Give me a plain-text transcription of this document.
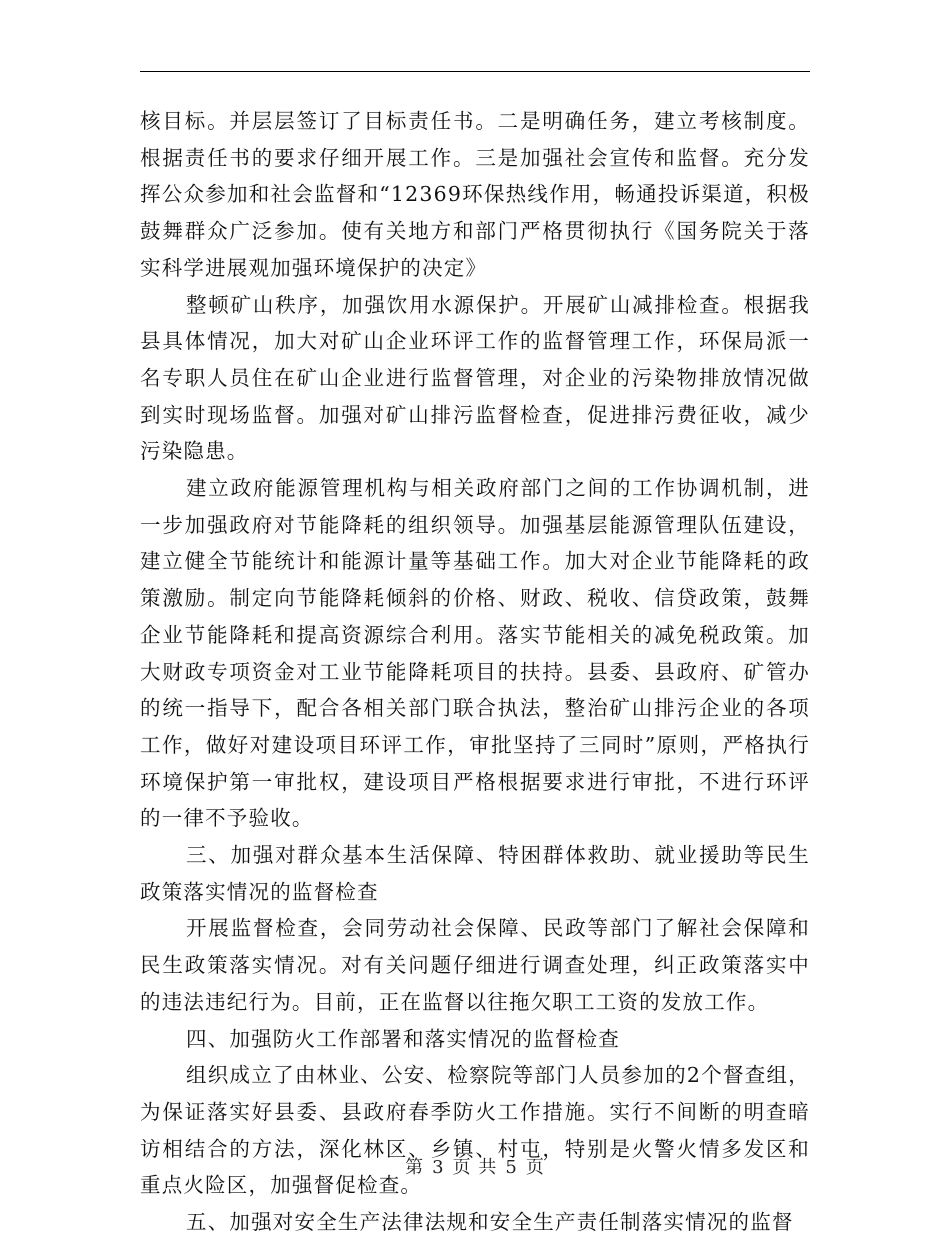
核目标。并层层签订了目标责任书。二是明确任务，建立考核制度。根据责任书的要求仔细开展工作。三是加强社会宣传和监督。充分发挥公众参加和社会监督和“12369环保热线作用，畅通投诉渠道，积极鼓舞群众广泛参加。使有关地方和部门严格贯彻执行《国务院关于落实科学进展观加强环境保护的决定》

整顿矿山秩序，加强饮用水源保护。开展矿山减排检查。根据我县具体情况，加大对矿山企业环评工作的监督管理工作，环保局派一名专职人员住在矿山企业进行监督管理，对企业的污染物排放情况做到实时现场监督。加强对矿山排污监督检查，促进排污费征收，减少污染隐患。

建立政府能源管理机构与相关政府部门之间的工作协调机制，进一步加强政府对节能降耗的组织领导。加强基层能源管理队伍建设，建立健全节能统计和能源计量等基础工作。加大对企业节能降耗的政策激励。制定向节能降耗倾斜的价格、财政、税收、信贷政策，鼓舞企业节能降耗和提高资源综合利用。落实节能相关的减免税政策。加大财政专项资金对工业节能降耗项目的扶持。县委、县政府、矿管办的统一指导下，配合各相关部门联合执法，整治矿山排污企业的各项工作，做好对建设项目环评工作，审批坚持了三同时”原则，严格执行环境保护第一审批权，建设项目严格根据要求进行审批，不进行环评的一律不予验收。

三、加强对群众基本生活保障、特困群体救助、就业援助等民生政策落实情况的监督检查

开展监督检查，会同劳动社会保障、民政等部门了解社会保障和民生政策落实情况。对有关问题仔细进行调查处理，纠正政策落实中的违法违纪行为。目前，正在监督以往拖欠职工工资的发放工作。

四、加强防火工作部署和落实情况的监督检查

组织成立了由林业、公安、检察院等部门人员参加的2个督查组，为保证落实好县委、县政府春季防火工作措施。实行不间断的明查暗访相结合的方法，深化林区、乡镇、村屯，特别是火警火情多发区和重点火险区，加强督促检查。

五、加强对安全生产法律法规和安全生产责任制落实情况的监督

第 3 页 共 5 页
